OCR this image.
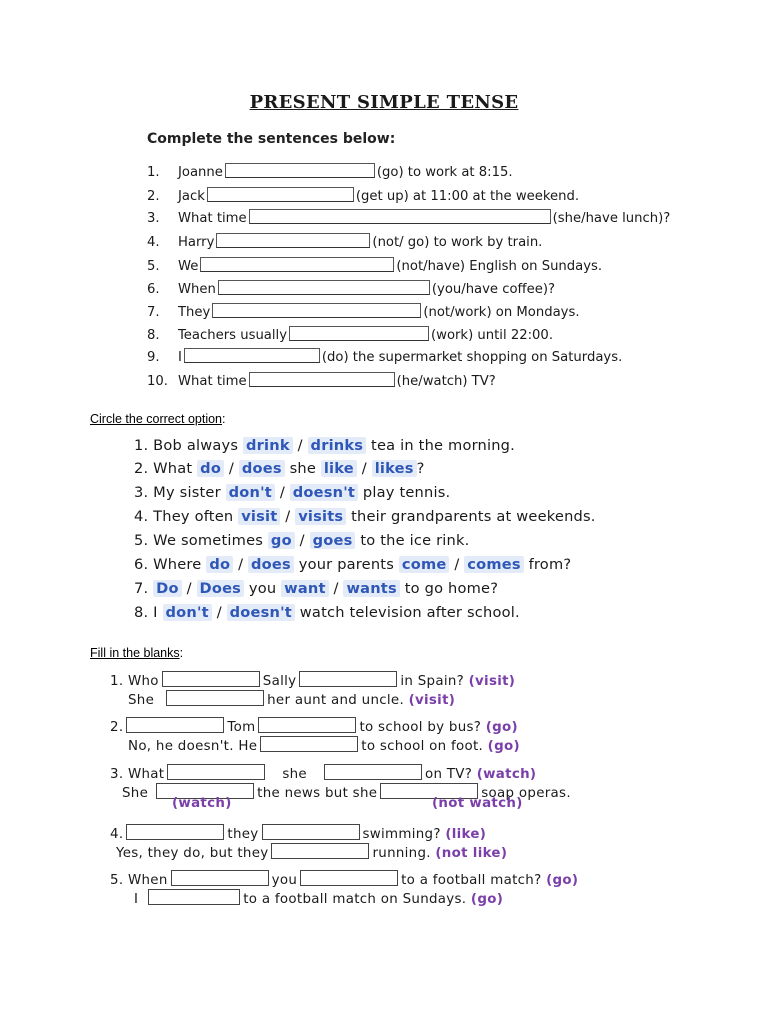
PRESENT SIMPLE TENSE
Complete the sentences below:
1. Joanne	(go) to work at 8:15.
2. Jack	(get up) at 11:00 at the weekend.
3. What time	(she/have lunch)?
4. Harry	(not/ go) to work by train.
5. We	(not/have) English on Sundays.
6. When	(you/have coffee)?
7. They	(not/work) on Mondays.
8. Teachers usually	(work) until 22:00.
9. I	(do) the supermarket shopping on Saturdays.
10. What time	(he/watch) TV?
Circle the correct option:
1. Bob always drink / drinks tea in the morning.
2. What do / does she like / likes ?
3. My sister don't / doesn't play tennis.
4. They often visit / visits their grandparents at weekends.
5. We sometimes go / goes to the ice rink.
6. Where do / does your parents come / comes from?
7. Do / Does you want / wants to go home?
8. I don't / doesn't watch television after school.
Fill in the blanks:
1. Who	Sally	in Spain? (visit)
She	her aunt and uncle. (visit)
2.	Tom	to school by bus? (go)
No, he doesn't. He	to school on foot. (go)
3. What	she	on TV? (watch)
She	the news but she	soap operas.
(watch)	(not watch)
4.	they	swimming? (like)
Yes, they do, but they	running. (not like)
5. When	you	to a football match? (go)
I	to a football match on Sundays. (go)
